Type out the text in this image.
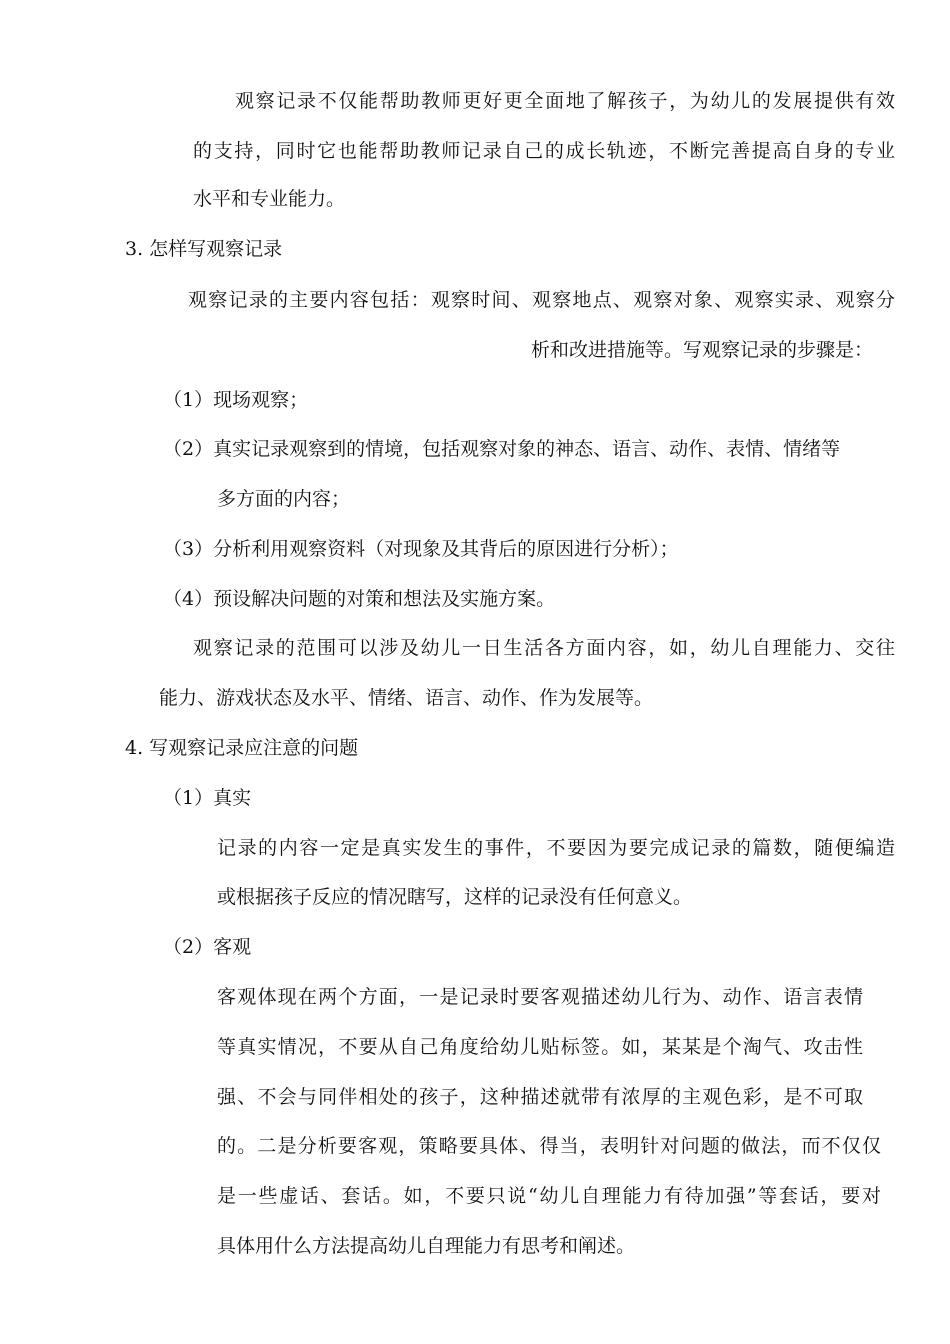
观察记录不仅能帮助教师更好更全面地了解孩子，为幼儿的发展提供有效
的支持，同时它也能帮助教师记录自己的成长轨迹，不断完善提高自身的专业
水平和专业能力。
3. 怎样写观察记录
观察记录的主要内容包括：观察时间、观察地点、观察对象、观察实录、观察分
析和改进措施等。写观察记录的步骤是：
（1）现场观察；
（2）真实记录观察到的情境，包括观察对象的神态、语言、动作、表情、情绪等
多方面的内容；
（3）分析利用观察资料（对现象及其背后的原因进行分析）；
（4）预设解决问题的对策和想法及实施方案。
观察记录的范围可以涉及幼儿一日生活各方面内容，如，幼儿自理能力、交往
能力、游戏状态及水平、情绪、语言、动作、作为发展等。
4. 写观察记录应注意的问题
（1）真实
记录的内容一定是真实发生的事件，不要因为要完成记录的篇数，随便编造
或根据孩子反应的情况瞎写，这样的记录没有任何意义。
（2）客观
客观体现在两个方面，一是记录时要客观描述幼儿行为、动作、语言表情
等真实情况，不要从自己角度给幼儿贴标签。如，某某是个淘气、攻击性
强、不会与同伴相处的孩子，这种描述就带有浓厚的主观色彩，是不可取
的。二是分析要客观，策略要具体、得当，表明针对问题的做法，而不仅仅
是一些虚话、套话。如，不要只说“幼儿自理能力有待加强”等套话，要对
具体用什么方法提高幼儿自理能力有思考和阐述。
